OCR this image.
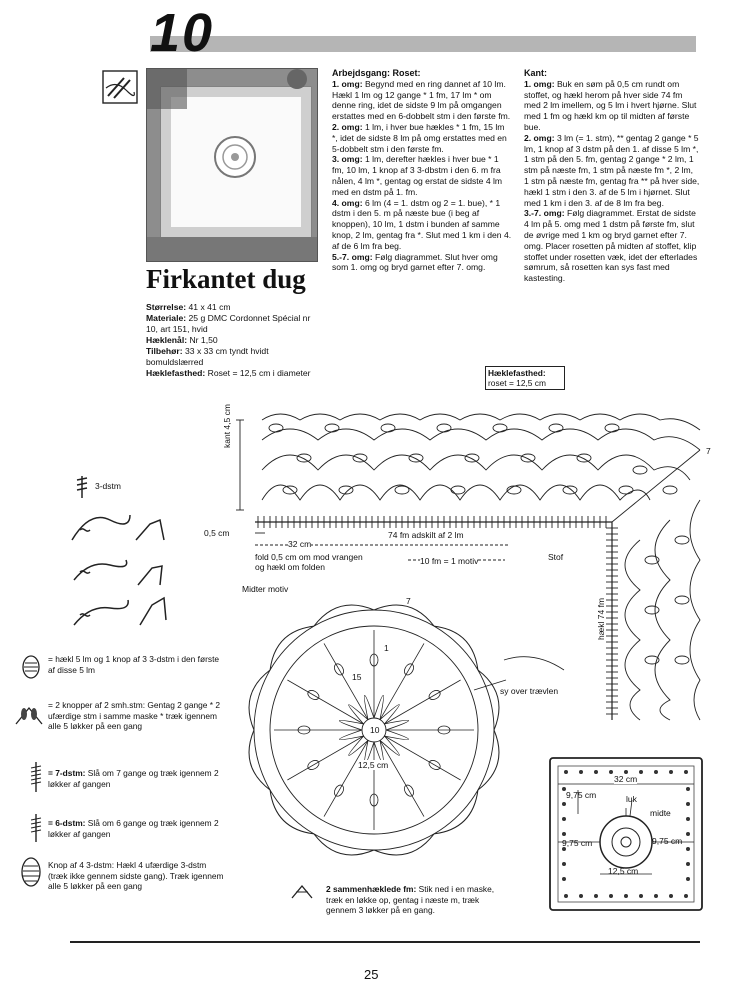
10
Firkantet dug
Størrelse: 41 x 41 cm
Materiale: 25 g DMC Cordonnet Spécial nr 10, art 151, hvid
Hæklenål: Nr 1,50
Tilbehør: 33 x 33 cm tyndt hvidt bomuldslærred
Hæklefasthed: Roset = 12,5 cm i diameter
Arbejdsgang: Roset:

1. omg: Begynd med en ring dannet af 10 lm. Hækl 1 lm og 12 gange * 1 fm, 17 lm * om denne ring, idet de sidste 9 lm på omgangen erstattes med en 6-dobbelt stm i den første fm.

2. omg: 1 lm, i hver bue hækles * 1 fm, 15 lm *, idet de sidste 8 lm på omg erstattes med en 5-dobbelt stm i den første fm.

3. omg: 1 lm, derefter hækles i hver bue * 1 fm, 10 lm, 1 knop af 3 3-dbstm i den 6. m fra nålen, 4 lm *, gentag og erstat de sidste 4 lm med en dstm på 1. fm.

4. omg: 6 lm (4 = 1. dstm og 2 = 1. bue), * 1 dstm i den 5. m på næste bue (i beg af knoppen), 10 lm, 1 dstm i bunden af samme knop, 2 lm, gentag fra *. Slut med 1 km i den 4. af de 6 lm fra beg.

5.-7. omg: Følg diagrammet. Slut hver omg som 1. omg og bryd garnet efter 7. omg.

Kant:

1. omg: Buk en søm på 0,5 cm rundt om stoffet, og hækl herom på hver side 74 fm med 2 lm imellem, og 5 lm i hvert hjørne. Slut med 1 fm og hækl km op til midten af første bue.

2. omg: 3 lm (= 1. stm), ** gentag 2 gange * 5 lm, 1 knop af 3 dstm på den 1. af disse 5 lm *, 1 stm på den 5. fm, gentag 2 gange * 2 lm, 1 stm på næste fm, 1 stm på næste fm *, 2 lm, 1 stm på næste fm, gentag fra ** på hver side, hækl 1 stm i den 3. af de 5 lm i hjørnet. Slut med 1 km i den 3. af de 8 lm fra beg.

3.-7. omg: Følg diagrammet. Erstat de sidste 4 lm på 5. omg med 1 dstm på første fm, slut de øvrige med 1 km og bryd garnet efter 7. omg. Placer rosetten på midten af stoffet, klip stoffet under rosetten væk, idet der efterlades sømrum, så rosetten kan sys fast med kastesting.

Hæklefasthed:
roset = 12,5 cm
kant 4,5 cm
0,5 cm
32 cm
fold 0,5 cm om mod vrangen
og hækl om folden
74 fm adskilt af 2 lm
10 fm = 1 motiv	Stof
hækl 74 fm
7
3-dstm
Midter motiv
sy over trævlen
12,5 cm
15
10
7
1
= hækl 5 lm og 1 knop af 3 3-dstm i den første af disse 5 lm
= 2 knopper af 2 smh.stm: Gentag 2 gange * 2 ufærdige stm i samme maske * træk igennem alle 5 løkker på een gang
= 7-dstm: Slå om 7 gange og træk igennem 2 løkker af gangen
= 6-dstm: Slå om 6 gange og træk igennem 2 løkker af gangen
Knop af 4 3-dstm: Hækl 4 ufærdige 3-dstm (træk ikke gennem sidste gang). Træk igennem alle 5 løkker på een gang	2 sammenhæklede fm: Stik ned i en maske, træk en løkke op, gentag i næste m, træk gennem 3 løkker på en gang.
32 cm
9,75 cm	luk
midte
9,75 cm	9,75 cm
12,5 cm
25
